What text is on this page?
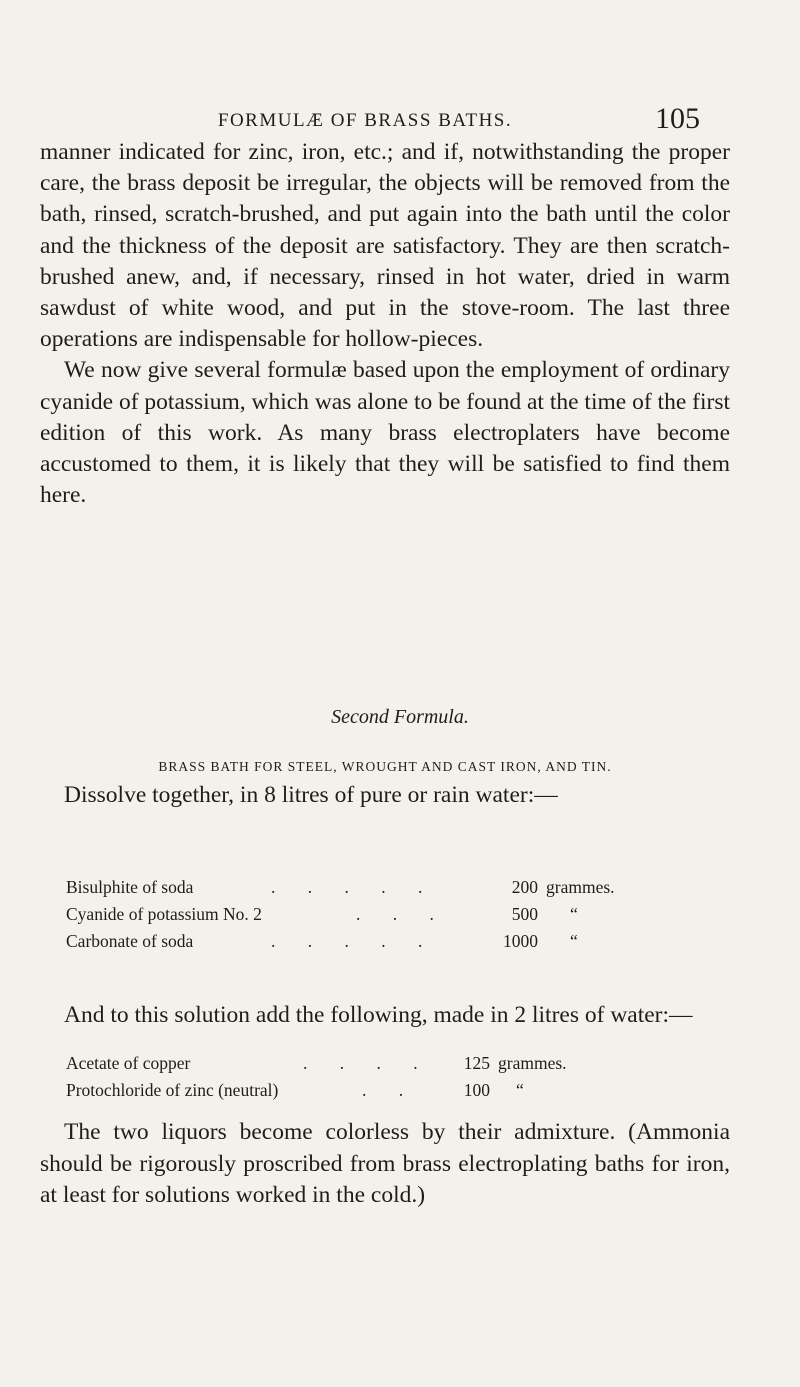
FORMULÆ OF BRASS BATHS.	105

manner indicated for zinc, iron, etc.; and if, notwithstanding the proper care, the brass deposit be irregular, the objects will be removed from the bath, rinsed, scratch-brushed, and put again into the bath until the color and the thickness of the deposit are satisfactory. They are then scratch-brushed anew, and, if necessary, rinsed in hot water, dried in warm sawdust of white wood, and put in the stove-room. The last three operations are indispensable for hollow-pieces.

We now give several formulæ based upon the employment of ordinary cyanide of potassium, which was alone to be found at the time of the first edition of this work. As many brass electroplaters have become accustomed to them, it is likely that they will be satisfied to find them here.

Second Formula.
BRASS BATH FOR STEEL, WROUGHT AND CAST IRON, AND TIN.

Dissolve together, in 8 litres of pure or rain water:—

Bisulphite of soda	. . . . .	200 grammes.
Cyanide of potassium No. 2	. . .	500 “
Carbonate of soda	. . . . .	1000 “

And to this solution add the following, made in 2 litres of water:—

Acetate of copper	. . . .	125 grammes.
Protochloride of zinc (neutral)	. .	100 “

The two liquors become colorless by their admixture. (Ammonia should be rigorously proscribed from brass electroplating baths for iron, at least for solutions worked in the cold.)
